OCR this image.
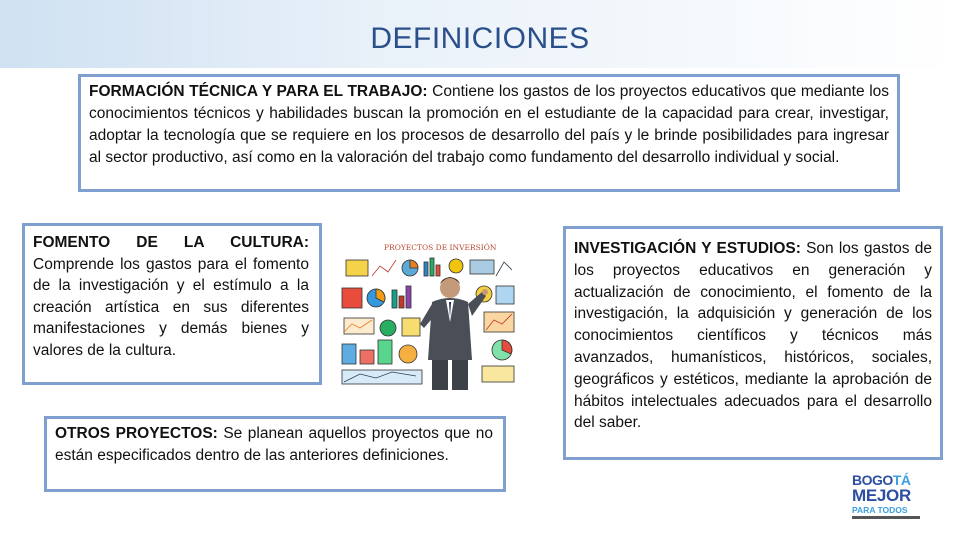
DEFINICIONES
FORMACIÓN TÉCNICA Y PARA EL TRABAJO: Contiene los gastos de los proyectos educativos que mediante los conocimientos técnicos y habilidades buscan la promoción en el estudiante de la capacidad para crear, investigar, adoptar la tecnología que se requiere en los procesos de desarrollo del país y le brinde posibilidades para ingresar al sector productivo, así como en la valoración del trabajo como fundamento del desarrollo individual y social.
FOMENTO DE LA CULTURA: Comprende los gastos para el fomento de la investigación y el estímulo a la creación artística en sus diferentes manifestaciones y demás bienes y valores de la cultura.
OTROS PROYECTOS: Se planean aquellos proyectos que no están especificados dentro de las anteriores definiciones.
INVESTIGACIÓN Y ESTUDIOS: Son los gastos de los proyectos educativos en generación y actualización de conocimiento, el fomento de la investigación, la adquisición y generación de los conocimientos científicos y técnicos más avanzados, humanísticos, históricos, sociales, geográficos y estéticos, mediante la aprobación de hábitos intelectuales adecuados para el desarrollo del saber.
PROYECTOS DE INVERSIÓN
BOGOTÁ
MEJOR
PARA TODOS
